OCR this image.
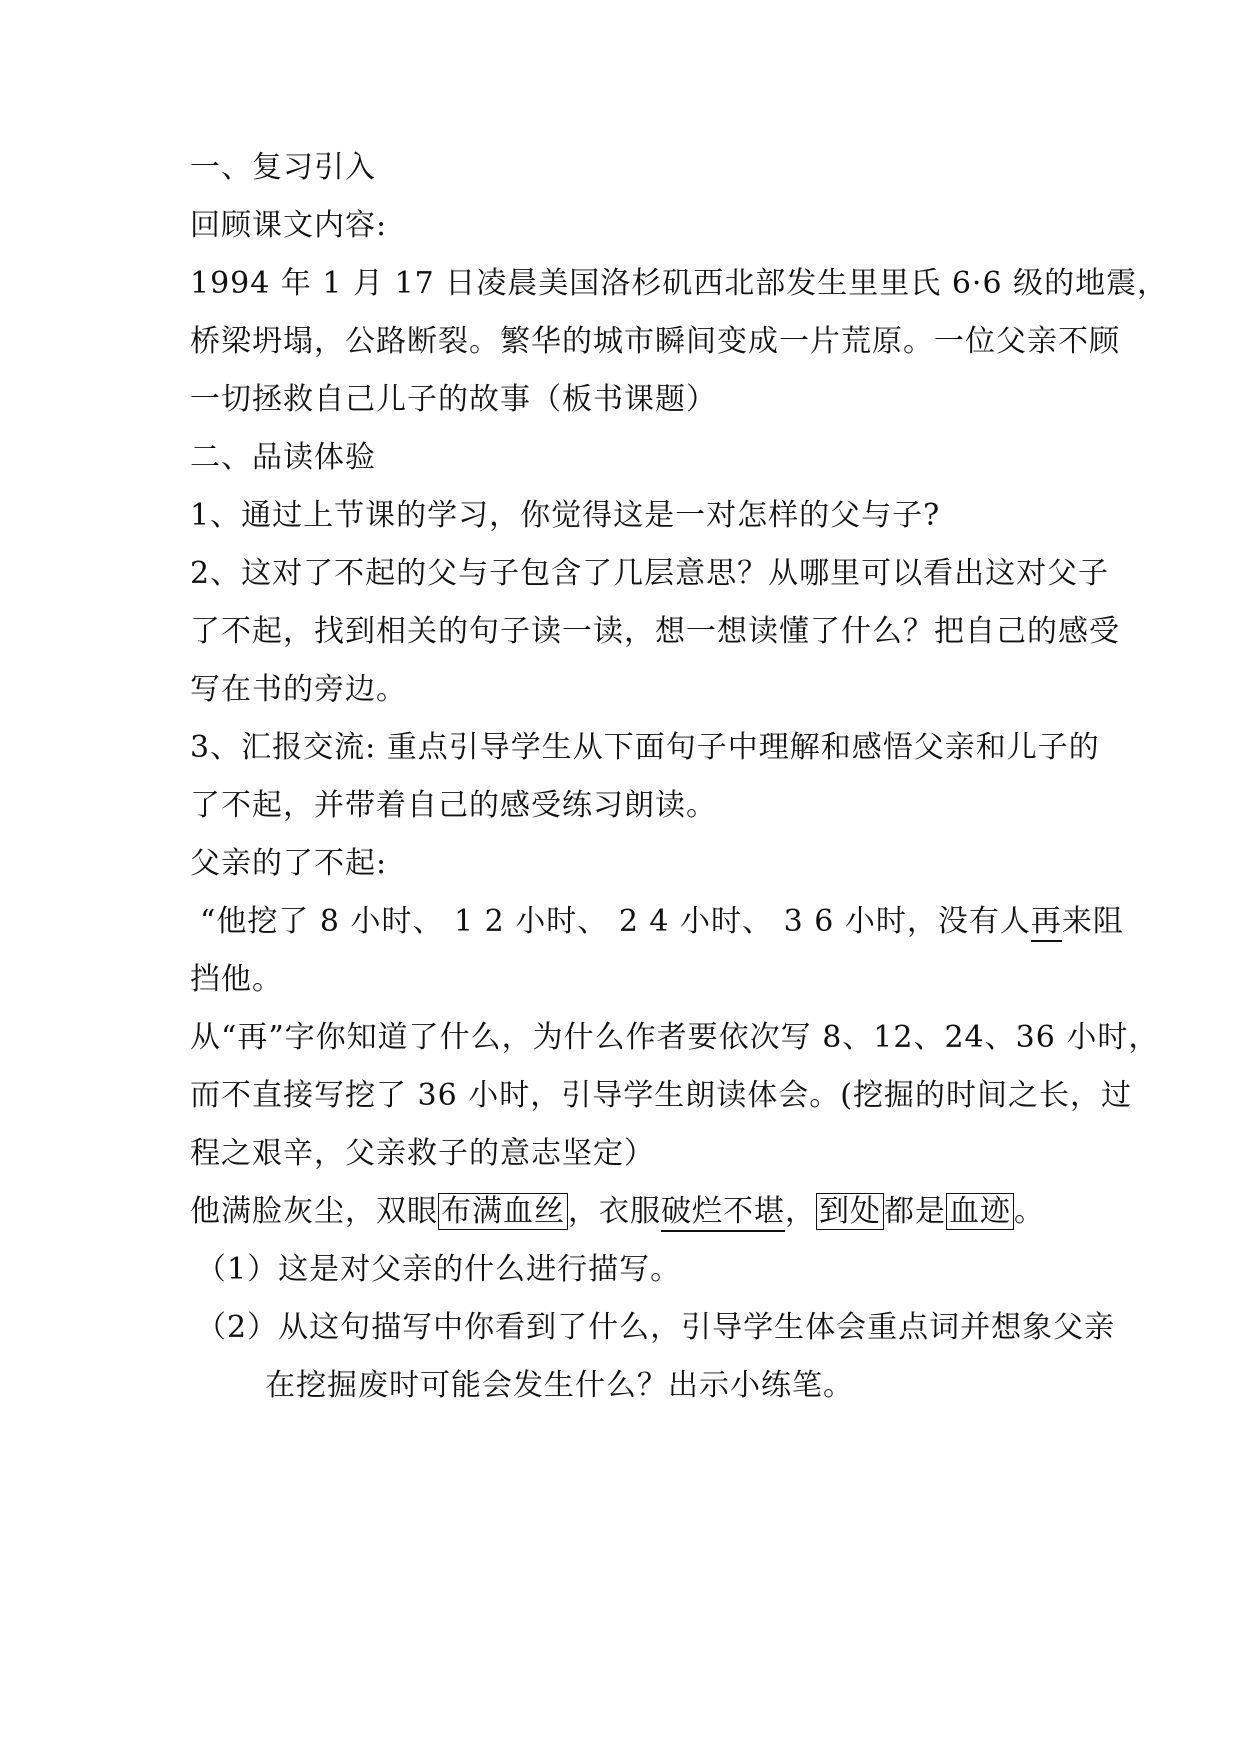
一、复习引入
回顾课文内容:
1994 年 1 月 17 日凌晨美国洛杉矶西北部发生里里氏 6·6 级的地震，
桥梁坍塌，公路断裂。繁华的城市瞬间变成一片荒原。一位父亲不顾
一切拯救自己儿子的故事（板书课题）
二、品读体验
1、通过上节课的学习，你觉得这是一对怎样的父与子?
2、这对了不起的父与子包含了几层意思？从哪里可以看出这对父子
了不起，找到相关的句子读一读，想一想读懂了什么？把自己的感受
写在书的旁边。
3、汇报交流: 重点引导学生从下面句子中理解和感悟父亲和儿子的
了不起，并带着自己的感受练习朗读。
父亲的了不起:
“他挖了 8 小时、 1 2 小时、 2 4 小时、 3 6 小时，没有人再来阻
挡他。
从“再”字你知道了什么，为什么作者要依次写 8、12、24、36 小时，
而不直接写挖了 36 小时，引导学生朗读体会。(挖掘的时间之长，过
程之艰辛，父亲救子的意志坚定）
他满脸灰尘，双眼 布满血丝 ，衣服破烂不堪， 到处 都是 血迹 。
（1）这是对父亲的什么进行描写。
（2）从这句描写中你看到了什么，引导学生体会重点词并想象父亲
在挖掘废时可能会发生什么？出示小练笔。
